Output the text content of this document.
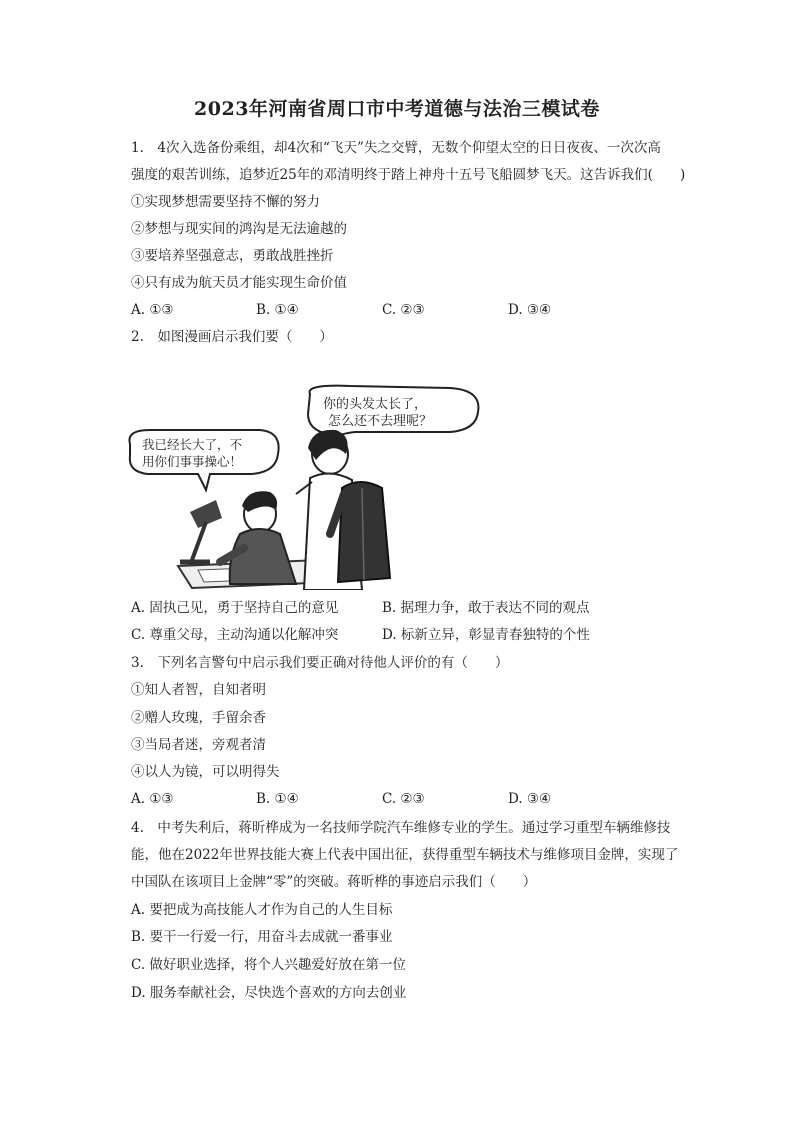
2023年河南省周口市中考道德与法治三模试卷
1.　4次入选备份乘组，却4次和“飞天”失之交臂，无数个仰望太空的日日夜夜、一次次高
强度的艰苦训练，追梦近25年的邓清明终于踏上神舟十五号飞船圆梦飞天。这告诉我们(　　)
①实现梦想需要坚持不懈的努力
②梦想与现实间的鸿沟是无法逾越的
③要培养坚强意志，勇敢战胜挫折
④只有成为航天员才能实现生命价值
A. ①③	B. ①④	C. ②③	D. ③④
2.　如图漫画启示我们要（　　）
你的头发太长了，
怎么还不去理呢？
我已经长大了，不
用你们事事操心！
A. 固执己见，勇于坚持自己的意见	B. 据理力争，敢于表达不同的观点
C. 尊重父母，主动沟通以化解冲突	D. 标新立异，彰显青春独特的个性
3.　下列名言警句中启示我们要正确对待他人评价的有（　　）
①知人者智，自知者明
②赠人玫瑰，手留余香
③当局者迷，旁观者清
④以人为镜，可以明得失
A. ①③	B. ①④	C. ②③	D. ③④
4.　中考失利后，蒋昕桦成为一名技师学院汽车维修专业的学生。通过学习重型车辆维修技
能，他在2022年世界技能大赛上代表中国出征，获得重型车辆技术与维修项目金牌，实现了
中国队在该项目上金牌“零”的突破。蒋昕桦的事迹启示我们（　　）
A. 要把成为高技能人才作为自己的人生目标
B. 要干一行爱一行，用奋斗去成就一番事业
C. 做好职业选择，将个人兴趣爱好放在第一位
D. 服务奉献社会，尽快选个喜欢的方向去创业
